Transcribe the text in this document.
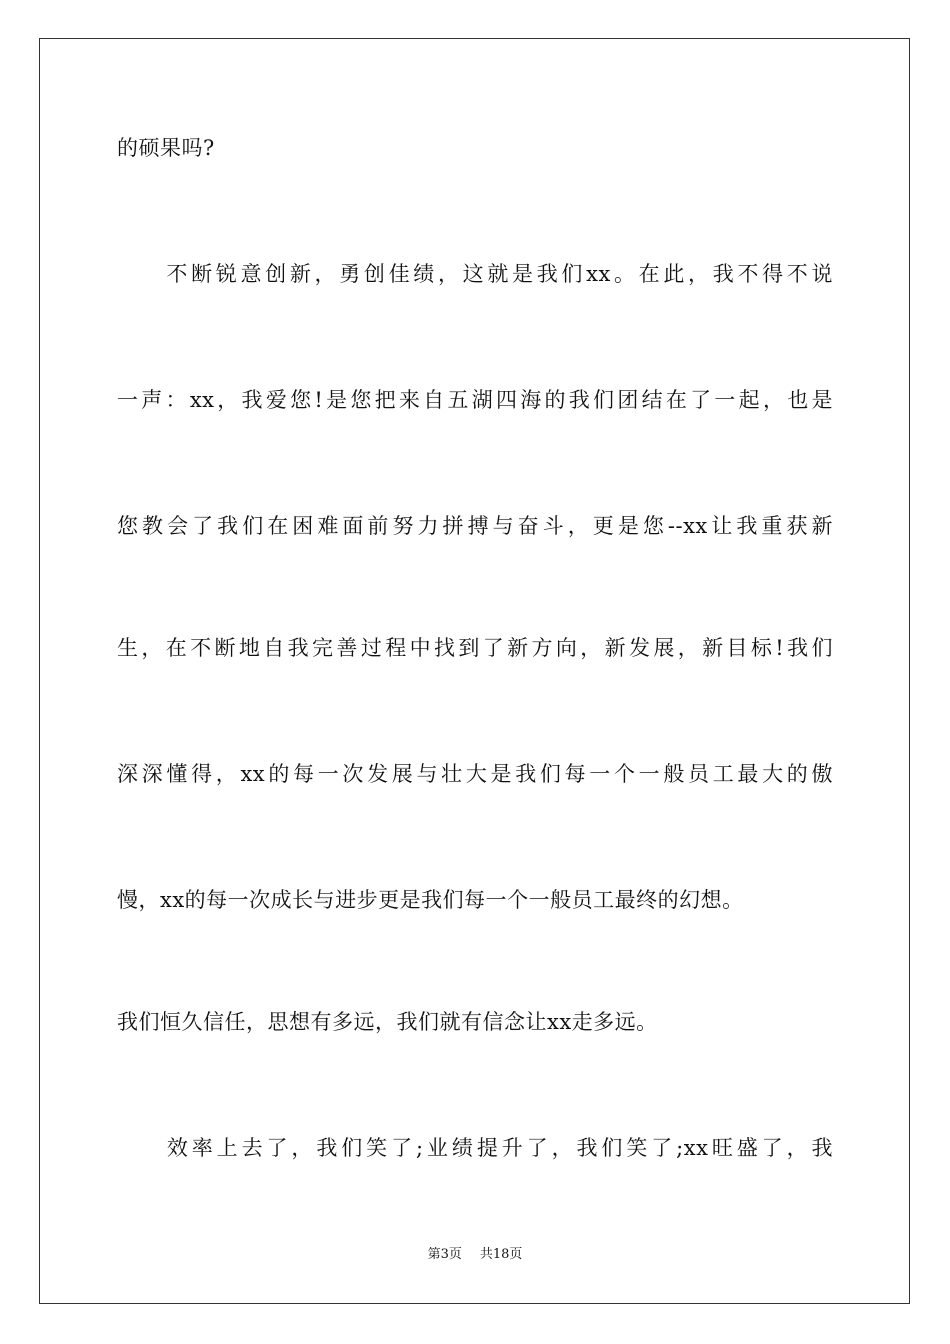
的硕果吗?
　　不断锐意创新，勇创佳绩，这就是我们xx。在此，我不得不说
一声：xx，我爱您!是您把来自五湖四海的我们团结在了一起，也是
您教会了我们在困难面前努力拼搏与奋斗，更是您--xx让我重获新
生，在不断地自我完善过程中找到了新方向，新发展，新目标!我们
深深懂得，xx的每一次发展与壮大是我们每一个一般员工最大的傲
慢，xx的每一次成长与进步更是我们每一个一般员工最终的幻想。
我们恒久信任，思想有多远，我们就有信念让xx走多远。
　　效率上去了，我们笑了;业绩提升了，我们笑了;xx旺盛了，我
第3页 共18页
